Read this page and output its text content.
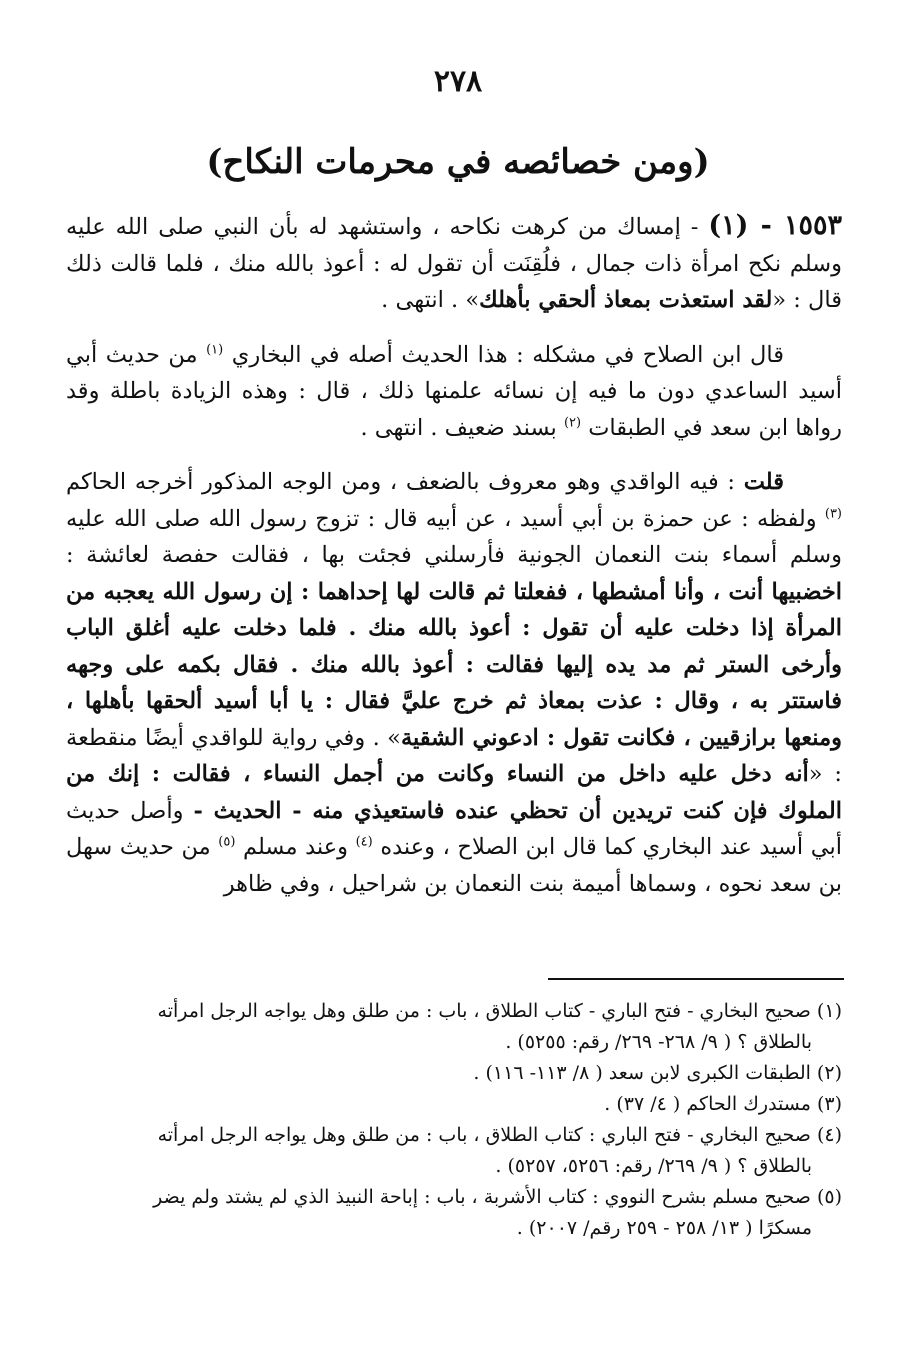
٢٧٨
(ومن خصائصه في محرمات النكاح)

١٥٥٣ - (١) - إمساك من كرهت نكاحه ، واستشهد له بأن النبي صلى الله عليه وسلم نكح امرأة ذات جمال ، فلُقِنَت أن تقول له : أعوذ بالله منك ، فلما قالت ذلك قال : «لقد استعذت بمعاذ ألحقي بأهلك» . انتهى .

قال ابن الصلاح في مشكله : هذا الحديث أصله في البخاري $^{(١)}$ من حديث أبي أسيد الساعدي دون ما فيه إن نسائه علمنها ذلك ، قال : وهذه الزيادة باطلة وقد رواها ابن سعد في الطبقات $^{(٢)}$ بسند ضعيف . انتهى .

قلت : فيه الواقدي وهو معروف بالضعف ، ومن الوجه المذكور أخرجه الحاكم $^{(٣)}$ ولفظه : عن حمزة بن أبي أسيد ، عن أبيه قال : تزوج رسول الله صلى الله عليه وسلم أسماء بنت النعمان الجونية فأرسلني فجئت بها ، فقالت حفصة لعائشة : اخضبيها أنت ، وأنا أمشطها ، ففعلتا ثم قالت لها إحداهما : إن رسول الله يعجبه من المرأة إذا دخلت عليه أن تقول : أعوذ بالله منك . فلما دخلت عليه أغلق الباب وأرخى الستر ثم مد يده إليها فقالت : أعوذ بالله منك . فقال بكمه على وجهه فاستتر به ، وقال : عذت بمعاذ ثم خرج عليَّ فقال : يا أبا أسيد ألحقها بأهلها ، ومنعها برازقيين ، فكانت تقول : ادعوني الشقية» . وفي رواية للواقدي أيضًا منقطعة : «أنه دخل عليه داخل من النساء وكانت من أجمل النساء ، فقالت : إنك من الملوك فإن كنت تريدين أن تحظي عنده فاستعيذي منه - الحديث - وأصل حديث أبي أسيد عند البخاري كما قال ابن الصلاح ، وعنده $^{(٤)}$ وعند مسلم $^{(٥)}$ من حديث سهل بن سعد نحوه ، وسماها أميمة بنت النعمان بن شراحيل ، وفي ظاهر

(١) صحيح البخاري - فتح الباري - كتاب الطلاق ، باب : من طلق وهل يواجه الرجل امرأته
بالطلاق ؟ ( ٩/ ٢٦٨- ٢٦٩/ رقم: ٥٢٥٥) .
(٢) الطبقات الكبرى لابن سعد ( ٨/ ١١٣- ١١٦) .
(٣) مستدرك الحاكم ( ٤/ ٣٧) .
(٤) صحيح البخاري - فتح الباري : كتاب الطلاق ، باب : من طلق وهل يواجه الرجل امرأته
بالطلاق ؟ ( ٩/ ٢٦٩/ رقم: ٥٢٥٦، ٥٢٥٧) .
(٥) صحيح مسلم بشرح النووي : كتاب الأشربة ، باب : إباحة النبيذ الذي لم يشتد ولم يضر
مسكرًا ( ١٣/ ٢٥٨ - ٢٥٩ رقم/ ٢٠٠٧) .
